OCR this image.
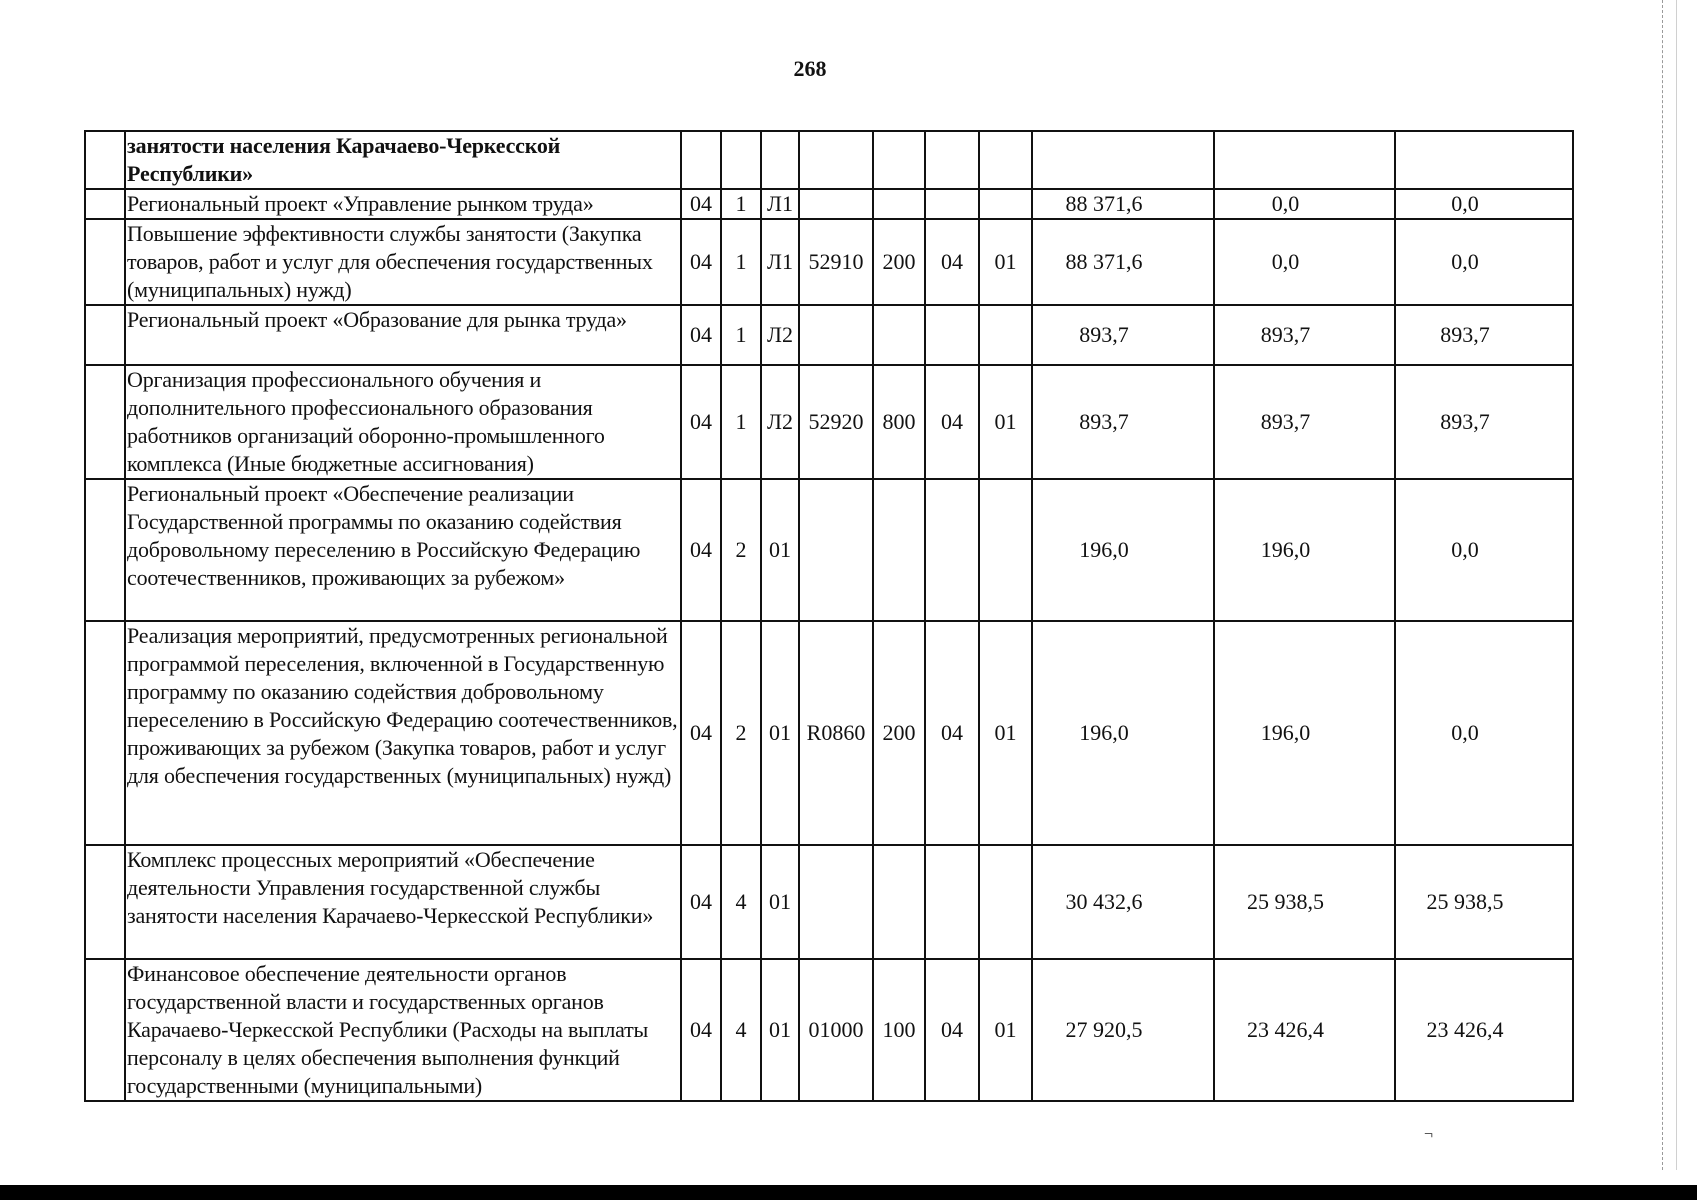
268
	занятости населения Карачаево-Черкесской Республики»										
	Региональный проект «Управление рынком труда»	04	1	Л1					88 371,6	0,0	0,0
	Повышение эффективности службы занятости (Закупка товаров, работ и услуг для обеспечения государственных (муниципальных) нужд)	04	1	Л1	52910	200	04	01	88 371,6	0,0	0,0
	Региональный проект «Образование для рынка труда»	04	1	Л2					893,7	893,7	893,7
	Организация профессионального обучения и дополнительного профессионального образования работников организаций оборонно-промышленного комплекса (Иные бюджетные ассигнования)	04	1	Л2	52920	800	04	01	893,7	893,7	893,7
	Региональный проект «Обеспечение реализации Государственной программы по оказанию содействия добровольному переселению в Российскую Федерацию соотечественников, проживающих за рубежом»	04	2	01					196,0	196,0	0,0
	Реализация мероприятий, предусмотренных региональной программой переселения, включенной в Государственную программу по оказанию содействия добровольному переселению в Российскую Федерацию соотечественников, проживающих за рубежом (Закупка товаров, работ и услуг для обеспечения государственных (муниципальных) нужд)	04	2	01	R0860	200	04	01	196,0	196,0	0,0
	Комплекс процессных мероприятий «Обеспечение деятельности Управления государственной службы занятости населения Карачаево-Черкесской Республики»	04	4	01					30 432,6	25 938,5	25 938,5
	Финансовое обеспечение деятельности органов государственной власти и государственных органов Карачаево-Черкесской Республики (Расходы на выплаты персоналу в целях обеспечения выполнения функций государственными (муниципальными)	04	4	01	01000	100	04	01	27 920,5	23 426,4	23 426,4
¬
